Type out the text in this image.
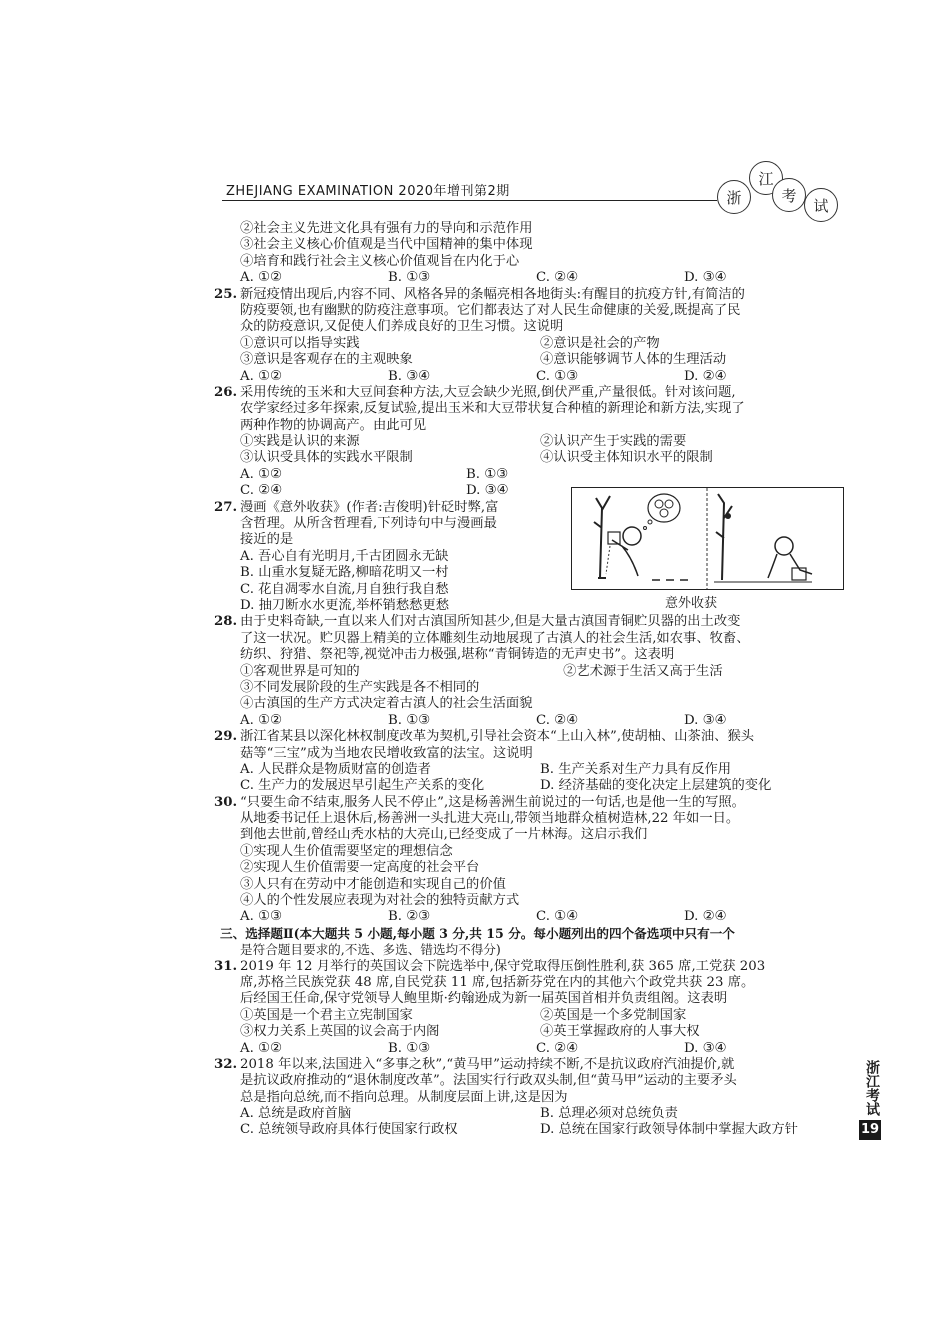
ZHEJIANG EXAMINATION 2020年增刊第2期	浙
江
考
试
②社会主义先进文化具有强有力的导向和示范作用
③社会主义核心价值观是当代中国精神的集中体现
④培育和践行社会主义核心价值观旨在内化于心
A. ①②	B. ①③	C. ②④	D. ③④
25. 新冠疫情出现后,内容不同、风格各异的条幅亮相各地街头:有醒目的抗疫方针,有简洁的
防疫要领,也有幽默的防疫注意事项。它们都表达了对人民生命健康的关爱,既提高了民
众的防疫意识,又促使人们养成良好的卫生习惯。这说明
①意识可以指导实践	②意识是社会的产物
③意识是客观存在的主观映象	④意识能够调节人体的生理活动
A. ①②	B. ③④	C. ①③	D. ②④
26. 采用传统的玉米和大豆间套种方法,大豆会缺少光照,倒伏严重,产量很低。针对该问题,
农学家经过多年探索,反复试验,提出玉米和大豆带状复合种植的新理论和新方法,实现了
两种作物的协调高产。由此可见
①实践是认识的来源	②认识产生于实践的需要
③认识受具体的实践水平限制	④认识受主体知识水平的限制
A. ①②	B. ①③
C. ②④	D. ③④
27. 漫画《意外收获》(作者:吉俊明)针砭时弊,富
含哲理。从所含哲理看,下列诗句中与漫画最
接近的是
A. 吾心自有光明月,千古团圆永无缺
B. 山重水复疑无路,柳暗花明又一村
C. 花自凋零水自流,月自独行我自愁
D. 抽刀断水水更流,举杯销愁愁更愁
28. 由于史料奇缺,一直以来人们对古滇国所知甚少,但是大量古滇国青铜贮贝器的出土改变
了这一状况。贮贝器上精美的立体雕刻生动地展现了古滇人的社会生活,如农事、牧畜、
纺织、狩猎、祭祀等,视觉冲击力极强,堪称“青铜铸造的无声史书”。这表明
①客观世界是可知的	②艺术源于生活又高于生活
③不同发展阶段的生产实践是各不相同的
④古滇国的生产方式决定着古滇人的社会生活面貌
A. ①②	B. ①③	C. ②④	D. ③④
29. 浙江省某县以深化林权制度改革为契机,引导社会资本“上山入林”,使胡柚、山茶油、猴头
菇等“三宝”成为当地农民增收致富的法宝。这说明
A. 人民群众是物质财富的创造者	B. 生产关系对生产力具有反作用
C. 生产力的发展迟早引起生产关系的变化	D. 经济基础的变化决定上层建筑的变化
30. “只要生命不结束,服务人民不停止”,这是杨善洲生前说过的一句话,也是他一生的写照。
从地委书记任上退休后,杨善洲一头扎进大亮山,带领当地群众植树造林,22 年如一日。
到他去世前,曾经山秃水枯的大亮山,已经变成了一片林海。这启示我们
①实现人生价值需要坚定的理想信念
②实现人生价值需要一定高度的社会平台
③人只有在劳动中才能创造和实现自己的价值
④人的个性发展应表现为对社会的独特贡献方式
A. ①③	B. ②③	C. ①④	D. ②④
三、选择题Ⅱ(本大题共 5 小题,每小题 3 分,共 15 分。每小题列出的四个备选项中只有一个
是符合题目要求的,不选、多选、错选均不得分)
31. 2019 年 12 月举行的英国议会下院选举中,保守党取得压倒性胜利,获 365 席,工党获 203
席,苏格兰民族党获 48 席,自民党获 11 席,包括新芬党在内的其他六个政党共获 23 席。
后经国王任命,保守党领导人鲍里斯·约翰逊成为新一届英国首相并负责组阁。这表明
①英国是一个君主立宪制国家	②英国是一个多党制国家
③权力关系上英国的议会高于内阁	④英王掌握政府的人事大权
A. ①②	B. ①③	C. ②④	D. ③④
32. 2018 年以来,法国进入“多事之秋”,“黄马甲”运动持续不断,不是抗议政府汽油提价,就
是抗议政府推动的“退休制度改革”。法国实行行政双头制,但“黄马甲”运动的主要矛头
总是指向总统,而不指向总理。从制度层面上讲,这是因为
A. 总统是政府首脑	B. 总理必须对总统负责
C. 总统领导政府具体行使国家行政权	D. 总统在国家行政领导体制中掌握大政方针
意外收获
浙江考试
19
